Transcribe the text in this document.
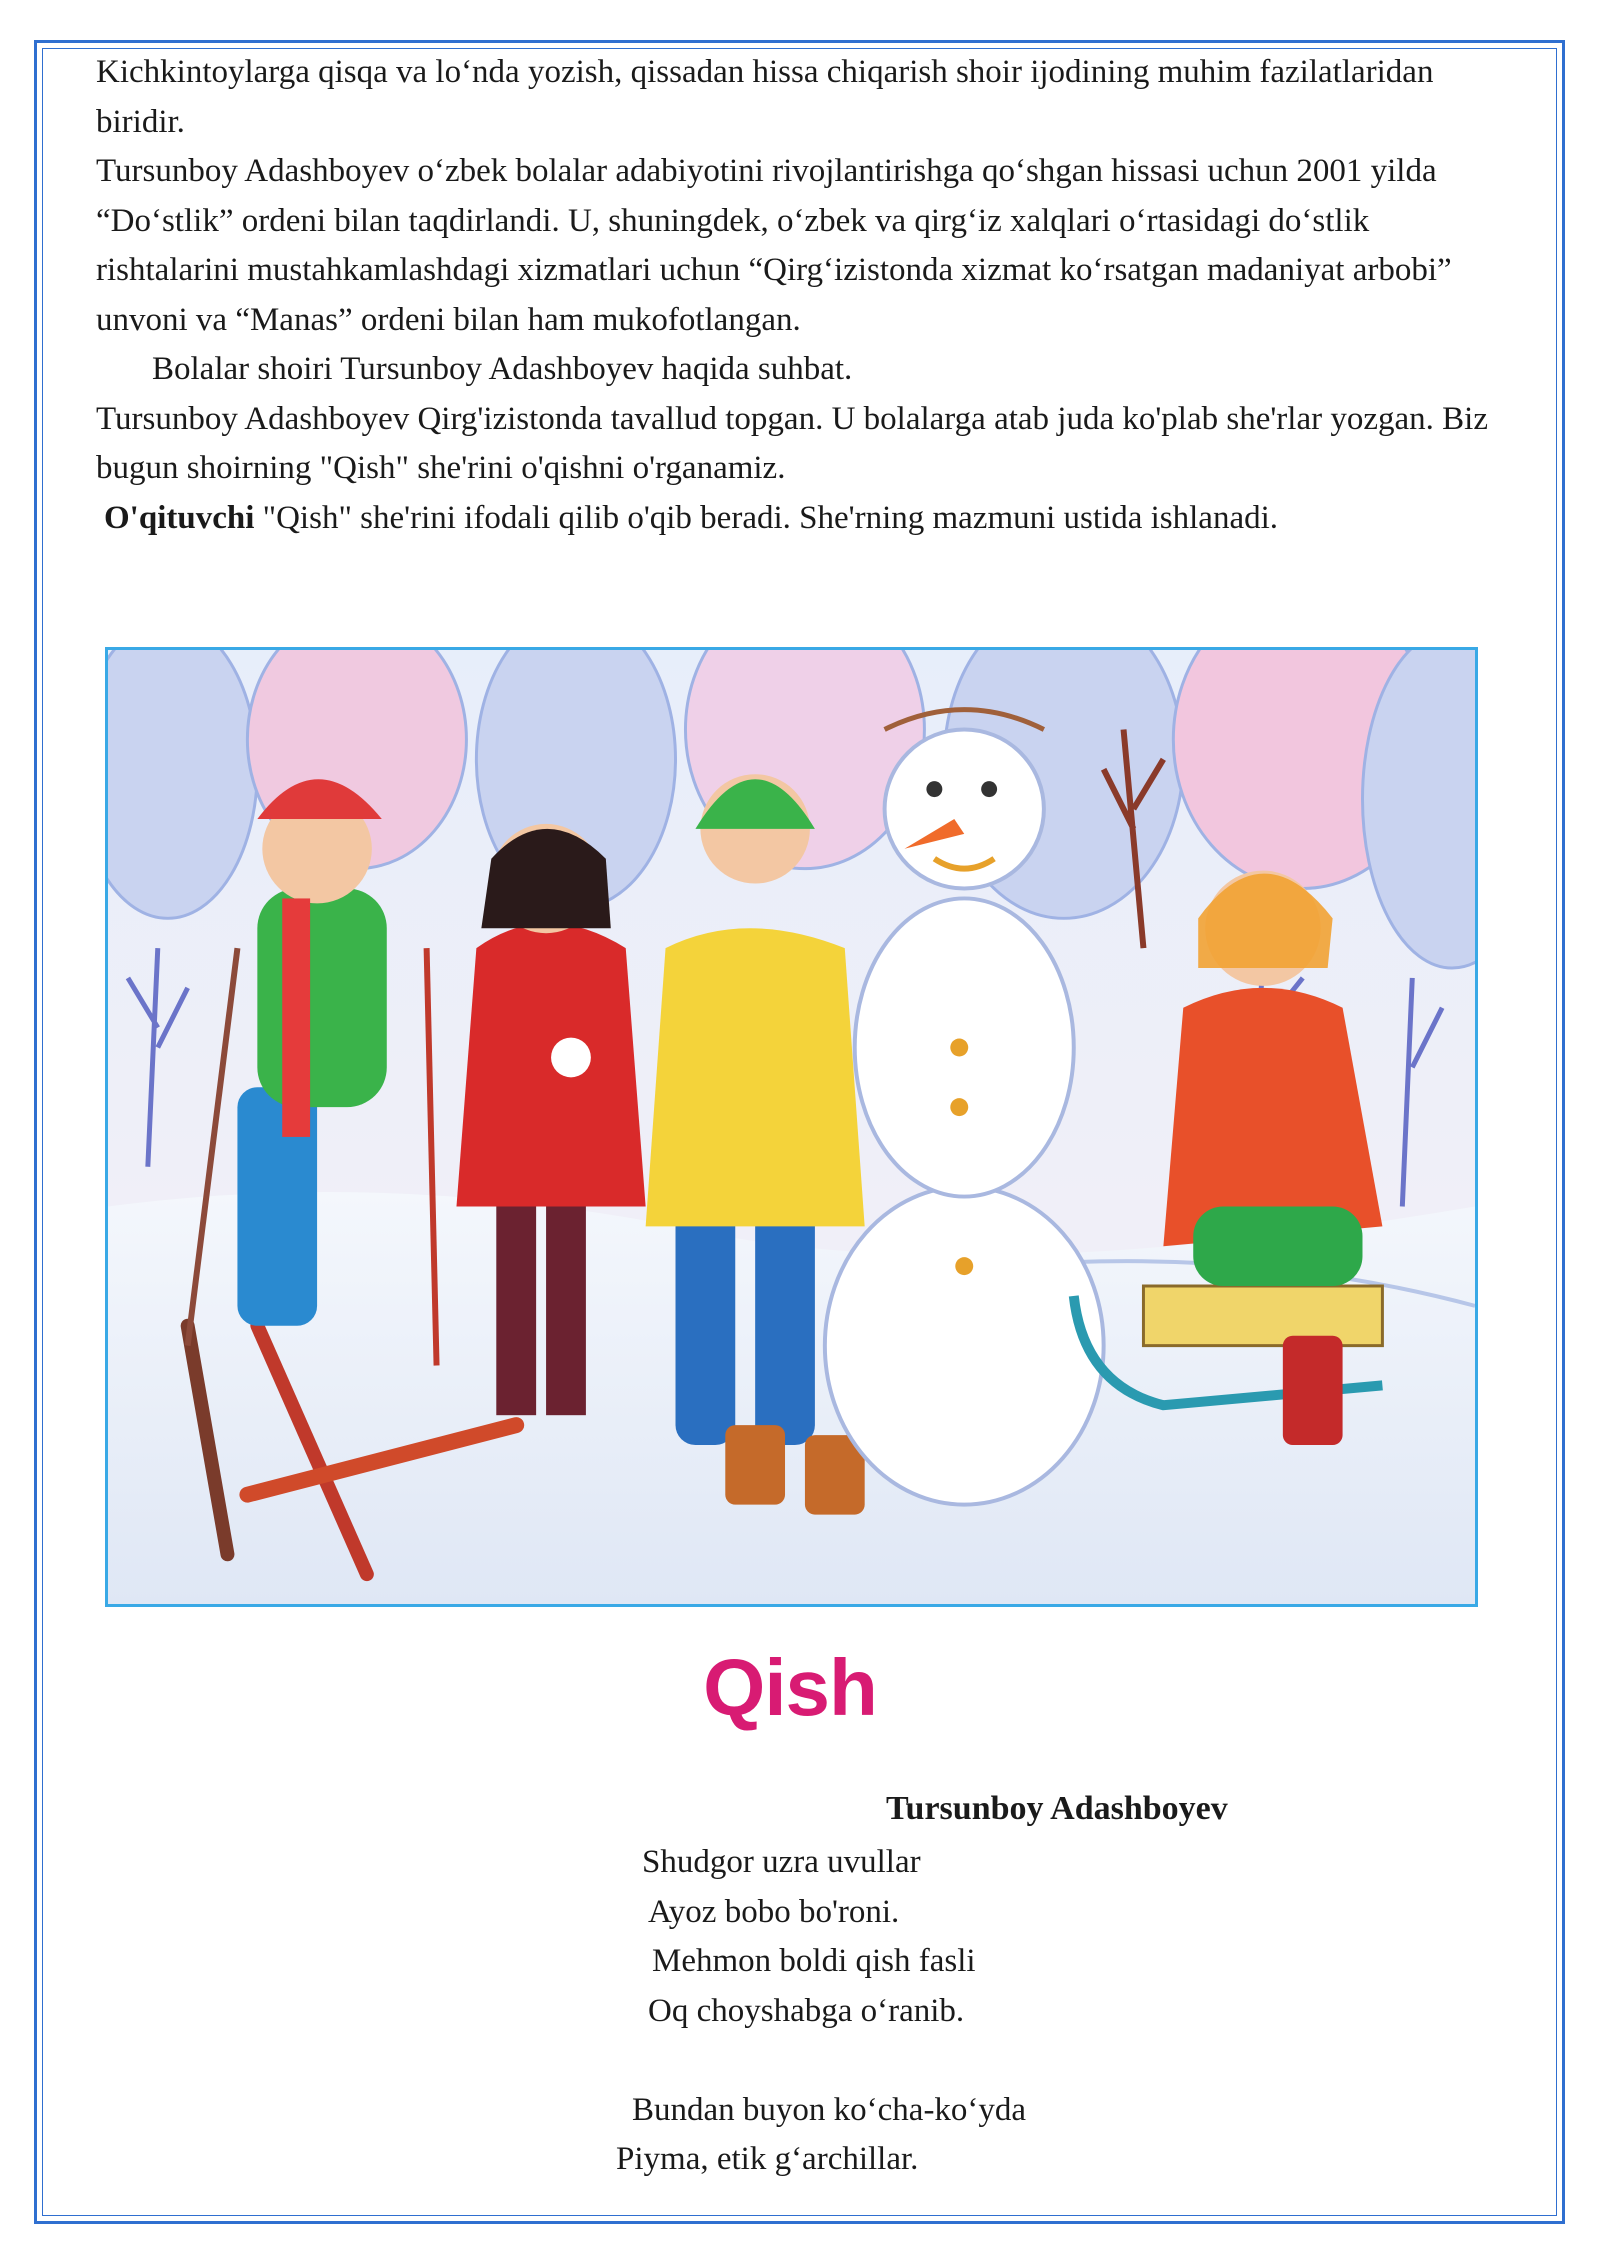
Kichkintoylarga qisqa va lo‘nda yozish, qissadan hissa chiqarish shoir ijodining muhim fazilatlaridan biridir.

Tursunboy Adashboyev o‘zbek bolalar adabiyotini rivojlantirishga qo‘shgan hissasi uchun 2001 yilda “Do‘stlik” ordeni bilan taqdirlandi. U, shuningdek, o‘zbek va qirg‘iz xalqlari o‘rtasidagi do‘stlik rishtalarini mustahkamlashdagi xizmatlari uchun “Qirg‘izistonda xizmat ko‘rsatgan madaniyat arbobi” unvoni va “Manas” ordeni bilan ham mukofotlangan.

Bolalar shoiri Tursunboy Adashboyev haqida suhbat.

Tursunboy Adashboyev Qirg'izistonda tavallud topgan. U bolalarga atab juda ko'plab she'rlar yozgan. Biz bugun shoirning "Qish" she'rini o'qishni o'rganamiz.

O'qituvchi "Qish" she'rini ifodali qilib o'qib beradi. She'rning mazmuni ustida ishlanadi.

Qish
Tursunboy Adashboyev
Shudgor uzra uvullar
Ayoz bobo bo'roni.
Mehmon boldi qish fasli
Oq choyshabga o‘ranib.
Bundan buyon ko‘cha-ko‘yda
Piyma, etik g‘archillar.
